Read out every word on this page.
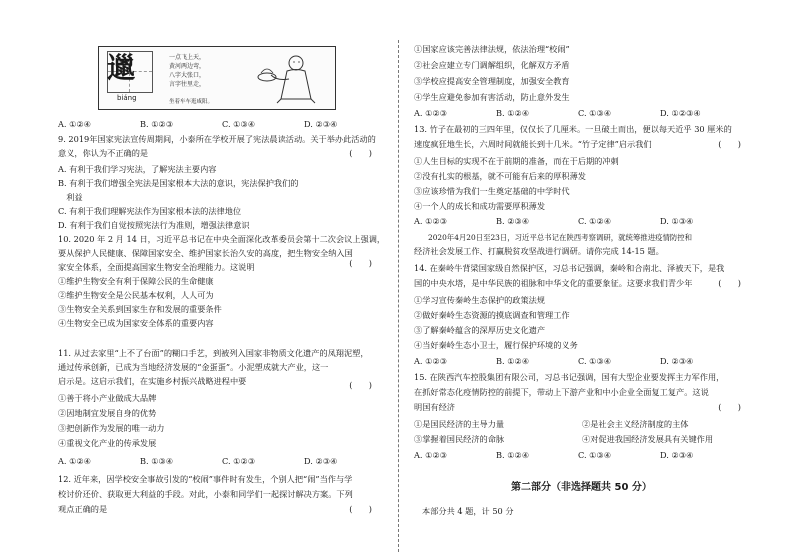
邋
biáng
一点飞上天，
黄河两边弯，
八字大张口，
言字往里走，
坐着车车逛咸阳。
A. ①②④	B. ①②③	C. ①③④	D. ②③④
9. 2019年国家宪法宣传周期间，小泰所在学校开展了宪法晨读活动。关于举办此活动的
意义，你认为不正确的是	(　　)
A. 有利于我们学习宪法，了解宪法主要内容
B. 有利于我们增强全宪法是国家根本大法的意识，宪法保护我们的
　利益
C. 有利于我们理解宪法作为国家根本法的法律地位
D. 有利于我们自觉按照宪法行为准则，增强法律意识
10. 2020 年 2 月 14 日，习近平总书记在中央全面深化改革委员会第十二次会议上强调，
要从保护人民健康、保障国家安全、维护国家长治久安的高度，把生物安全纳入国
家安全体系，全面提高国家生物安全治理能力。这说明	(　　)
①维护生物安全有利于保障公民的生命健康
②维护生物安全是公民基本权利，人人可为
③生物安全关系到国家生存和发展的重要条件
④生物安全已成为国家安全体系的重要内容
11. 从过去家里“上不了台面”的糊口手艺，到被列入国家非物质文化遗产的凤翔泥塑，
通过传承创新，已成为当地经济发展的“金蛋蛋”。小泥塑成就大产业，这一
启示是。这启示我们，在实施乡村振兴战略进程中要	(　　)
①善于将小产业做成大品牌
②因地制宜发展自身的优势
③把创新作为发展的唯一动力
④重视文化产业的传承发展
A. ①②④	B. ①③④	C. ①②③	D. ②③④
12. 近年来，因学校安全事故引发的“校闹”事件时有发生，个别人把“闹”当作与学
校讨价还价、获取更大利益的手段。对此，小泰和同学们一起探讨解决方案。下列
观点正确的是	(　　)
①国家应该完善法律法规，依法治理“校闹”
②社会应建立专门调解组织，化解双方矛盾
③学校应提高安全管理制度，加强安全教育
④学生应避免参加有害活动，防止意外发生
A. ①②③	B. ①②④	C. ①③④	D. ①②③④
13. 竹子在最初的三四年里，仅仅长了几厘米。一旦破土而出，便以每天近乎 30 厘米的
速度疯狂地生长，六周时间就能长到十几米。“竹子定律”启示我们	(　　)
①人生目标的实现不在于前期的准备，而在于后期的冲刺
②没有扎实的根基，就不可能有后来的厚积薄发
③应该珍惜为我们一生奠定基础的中学时代
④一个人的成长和成功需要厚积薄发
A. ①②③	B. ②③④	C. ①②④	D. ①③④
2020年4月20日至23日，习近平总书记在陕西考察调研，就统筹推进疫情防控和
经济社会发展工作、打赢脱贫攻坚战进行调研。请你完成 14-15 题。
14. 在秦岭牛背梁国家级自然保护区，习总书记强调，秦岭和合南北、泽被天下，是我
国的中央水塔，是中华民族的祖脉和中华文化的重要象征。这要求我们青少年	(　　)
①学习宣传秦岭生态保护的政策法规
②做好秦岭生态资源的摸底调查和管理工作
③了解秦岭蕴含的深厚历史文化遗产
④当好秦岭生态小卫士，履行保护环境的义务
A. ①②③	B. ①②④	C. ①③④	D. ②③④
15. 在陕西汽车控股集团有限公司，习总书记强调，国有大型企业要发挥主力军作用，
在抓好常态化疫情防控的前提下，带动上下游产业和中小企业全面复工复产。这说
明国有经济	(　　)
①是国民经济的主导力量	②是社会主义经济制度的主体
③掌握着国民经济的命脉	④对促进我国经济发展具有关键作用
A. ①②③	B. ①②④	C. ①③④	D. ②③④
第二部分（非选择题共 50 分）
本部分共 4 题，计 50 分
